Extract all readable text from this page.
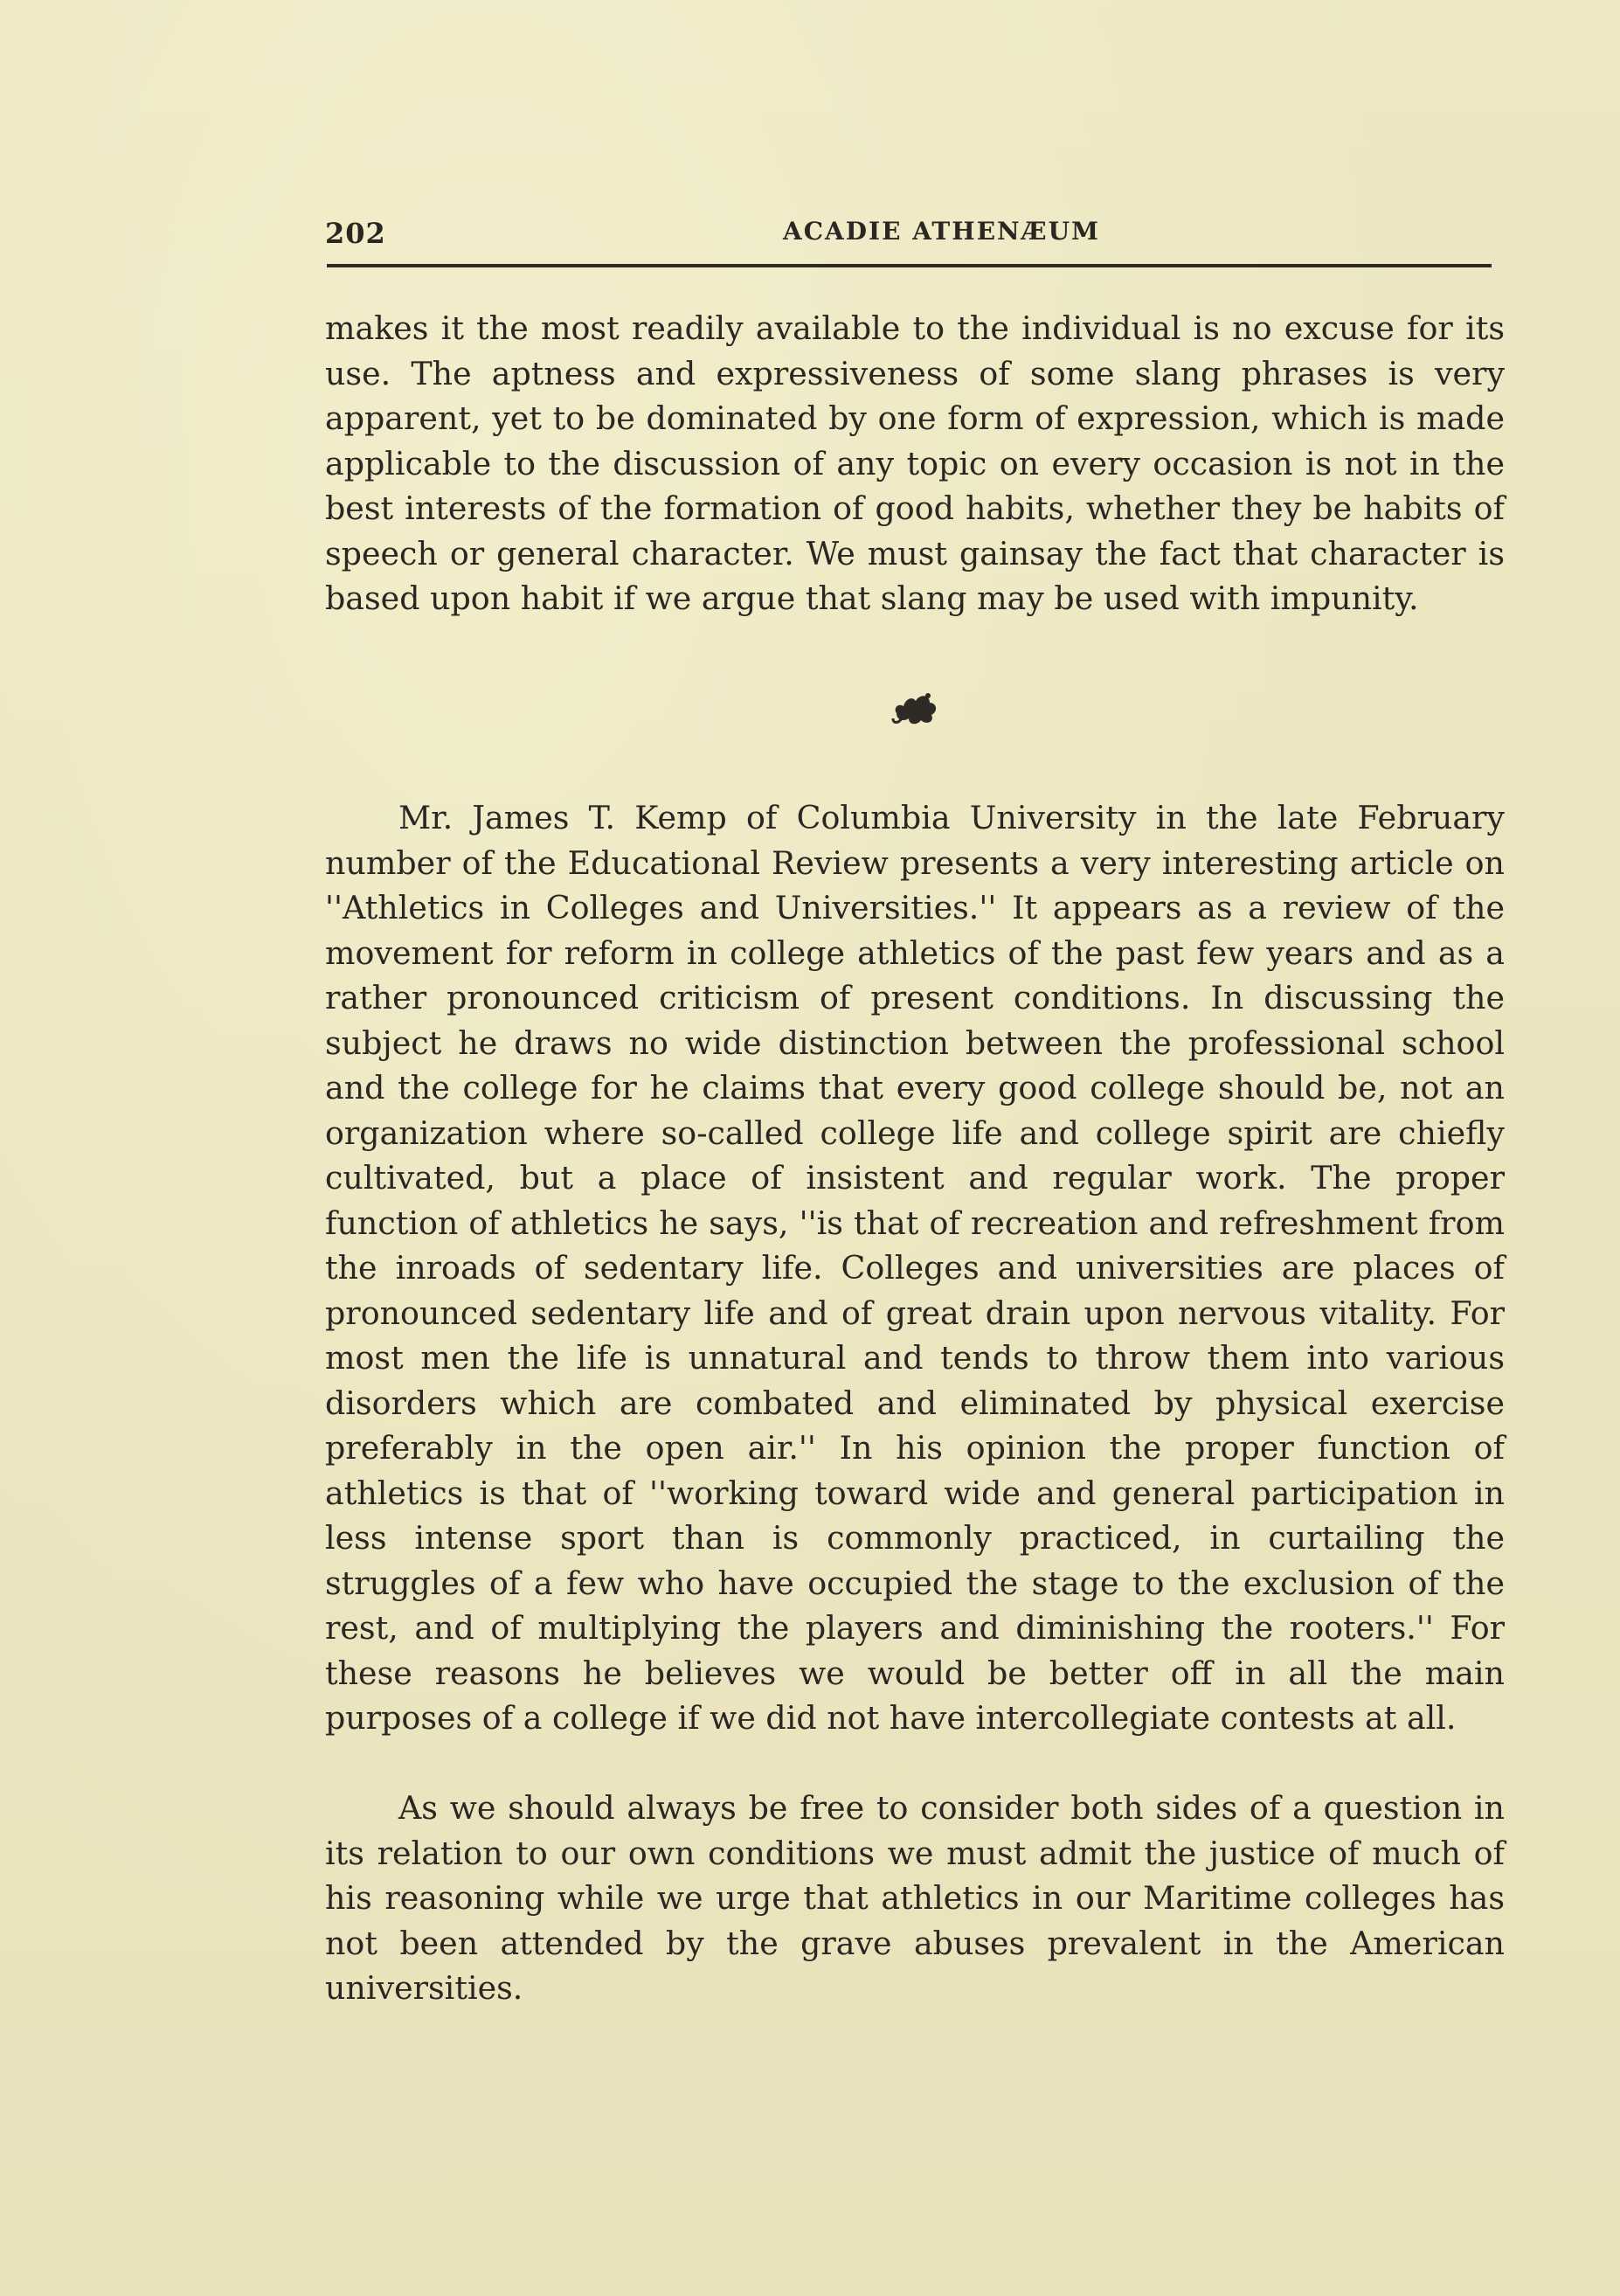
202	ACADIE ATHENÆUM

makes it the most readily available to the individual is no excuse for its use. The aptness and expressiveness of some slang phrases is very apparent, yet to be dominated by one form of expression, which is made applicable to the discussion of any topic on every occasion is not in the best interests of the formation of good habits, whether they be habits of speech or general character. We must gainsay the fact that character is based upon habit if we argue that slang may be used with impunity.

Mr. James T. Kemp of Columbia University in the late February number of the Educational Review presents a very interesting article on ''Athletics in Colleges and Universities.'' It appears as a review of the movement for reform in college athletics of the past few years and as a rather pronounced criticism of present conditions. In discussing the subject he draws no wide distinction between the professional school and the college for he claims that every good college should be, not an organization where so-called college life and college spirit are chiefly cultivated, but a place of insistent and regular work. The proper function of athletics he says, ''is that of recreation and refreshment from the inroads of sedentary life. Colleges and universities are places of pronounced sedentary life and of great drain upon nervous vitality. For most men the life is unnatural and tends to throw them into various disorders which are combated and eliminated by physical exercise preferably in the open air.'' In his opinion the proper function of athletics is that of ''working toward wide and general participation in less intense sport than is commonly practiced, in curtailing the struggles of a few who have occupied the stage to the exclusion of the rest, and of multiplying the players and diminishing the rooters.'' For these reasons he believes we would be better off in all the main purposes of a college if we did not have intercollegiate contests at all.

As we should always be free to consider both sides of a question in its relation to our own conditions we must admit the justice of much of his reasoning while we urge that athletics in our Maritime colleges has not been attended by the grave abuses prevalent in the American universities.
